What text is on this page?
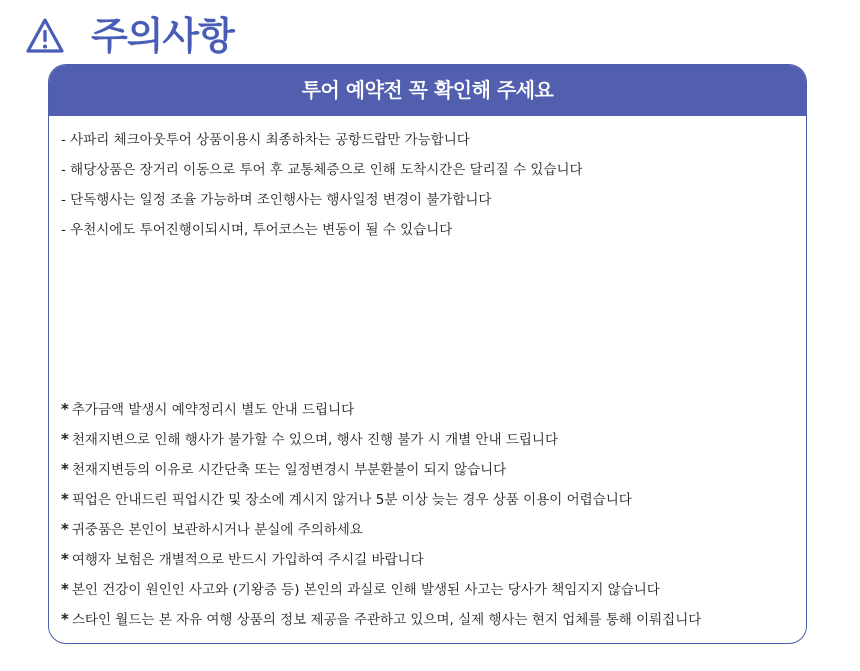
주의사항
투어 예약전 꼭 확인해 주세요
- 사파리 체크아웃투어 상품이용시 최종하차는 공항드랍만 가능합니다
- 해당상품은 장거리 이동으로 투어 후 교통체증으로 인해 도착시간은 달리질 수 있습니다
- 단독행사는 일정 조율 가능하며 조인행사는 행사일정 변경이 불가합니다
- 우천시에도 투어진행이되시며, 투어코스는 변동이 될 수 있습니다
* 추가금액 발생시 예약정리시 별도 안내 드립니다
* 천재지변으로 인해 행사가 불가할 수 있으며, 행사 진행 불가 시 개별 안내 드립니다
* 천재지변등의 이유로 시간단축 또는 일정변경시 부분환불이 되지 않습니다
* 픽업은 안내드린 픽업시간 및 장소에 계시지 않거나 5분 이상 늦는 경우 상품 이용이 어렵습니다
* 귀중품은 본인이 보관하시거나 분실에 주의하세요
* 여행자 보험은 개별적으로 반드시 가입하여 주시길 바랍니다
* 본인 건강이 원인인 사고와 (기왕증 등) 본인의 과실로 인해 발생된 사고는 당사가 책임지지 않습니다
* 스타인 월드는 본 자유 여행 상품의 정보 제공을 주관하고 있으며, 실제 행사는 현지 업체를 통해 이뤄집니다
